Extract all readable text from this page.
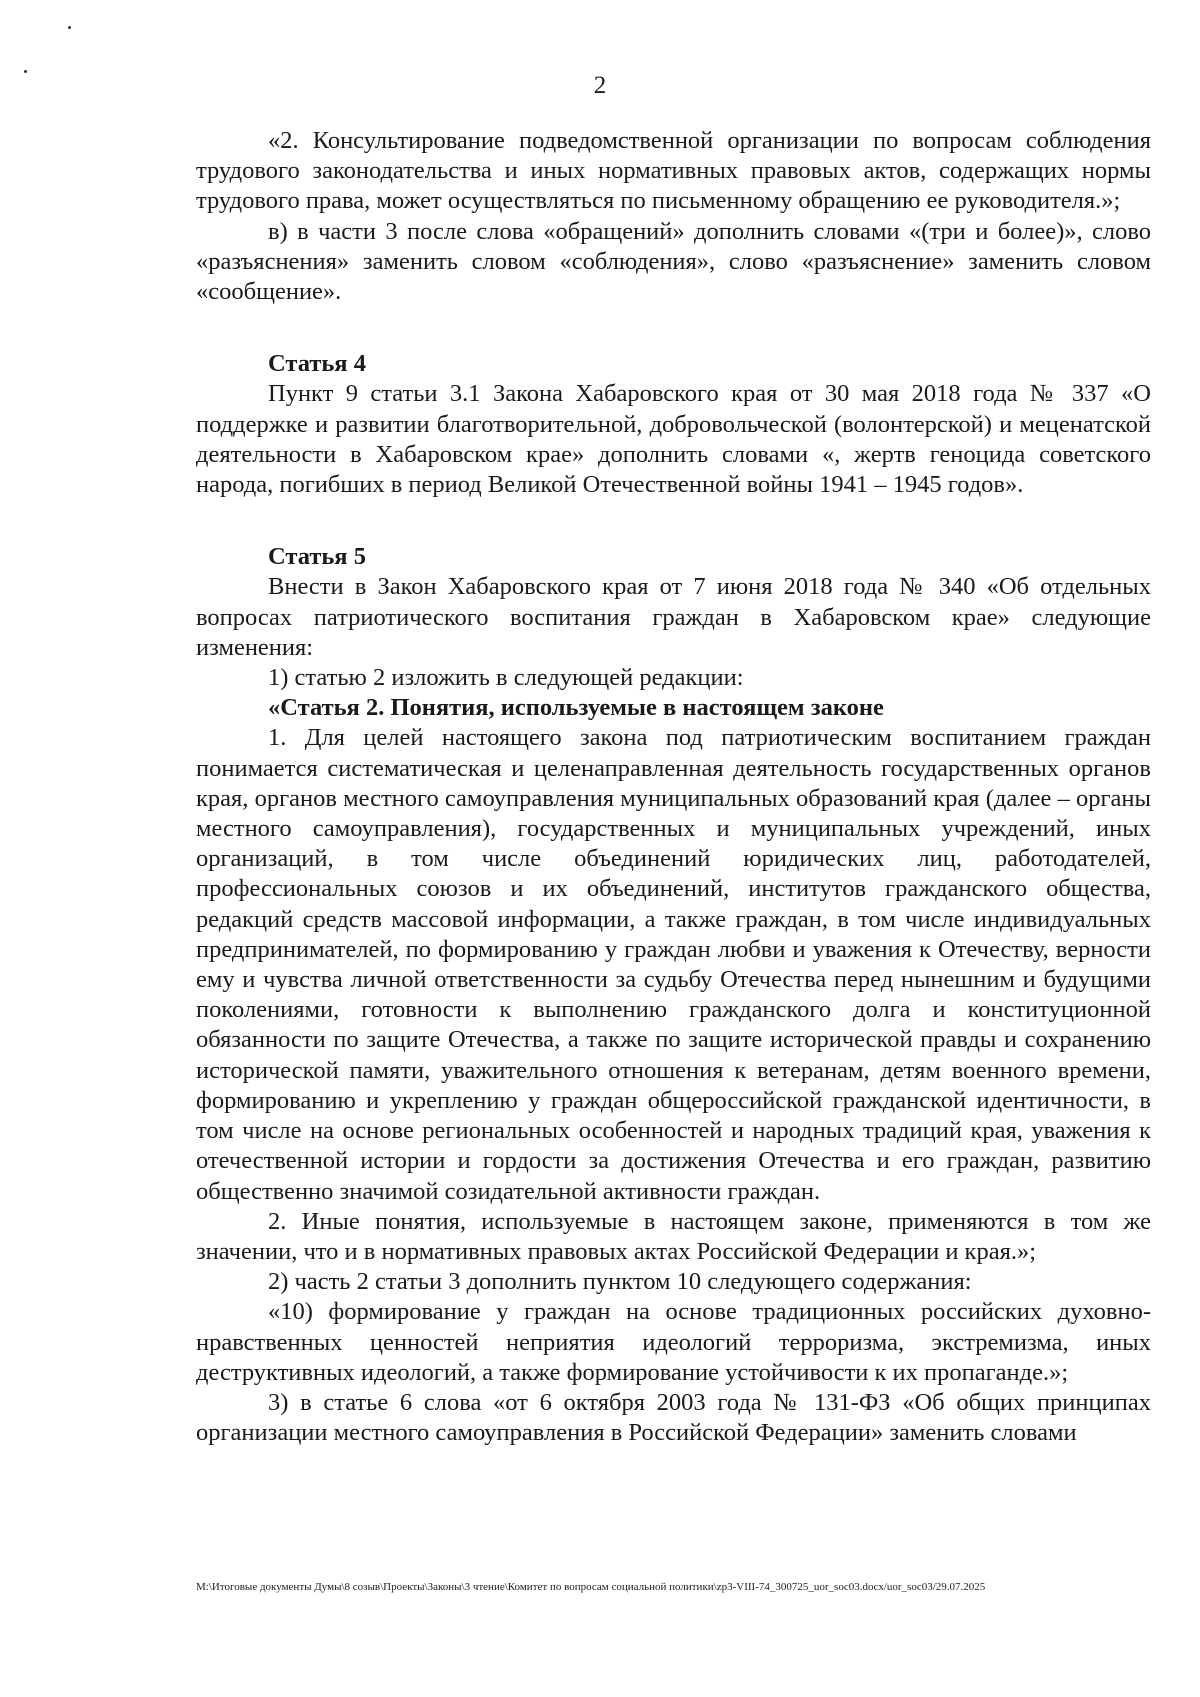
2

«2. Консультирование подведомственной организации по вопросам соблюдения трудового законодательства и иных нормативных правовых актов, содержащих нормы трудового права, может осуществляться по письменному обращению ее руководителя.»;

в) в части 3 после слова «обращений» дополнить словами «(три и более)», слово «разъяснения» заменить словом «соблюдения», слово «разъяснение» заменить словом «сообщение».

Статья 4

Пункт 9 статьи 3.1 Закона Хабаровского края от 30 мая 2018 года № 337 «О поддержке и развитии благотворительной, добровольческой (волонтерской) и меценатской деятельности в Хабаровском крае» дополнить словами «, жертв геноцида советского народа, погибших в период Великой Отечественной войны 1941 – 1945 годов».

Статья 5

Внести в Закон Хабаровского края от 7 июня 2018 года № 340 «Об отдельных вопросах патриотического воспитания граждан в Хабаровском крае» следующие изменения:

1) статью 2 изложить в следующей редакции:

«Статья 2. Понятия, используемые в настоящем законе

1. Для целей настоящего закона под патриотическим воспитанием граждан понимается систематическая и целенаправленная деятельность государственных органов края, органов местного самоуправления муниципальных образований края (далее – органы местного самоуправления), государственных и муниципальных учреждений, иных организаций, в том числе объединений юридических лиц, работодателей, профессиональных союзов и их объединений, институтов гражданского общества, редакций средств массовой информации, а также граждан, в том числе индивидуальных предпринимателей, по формированию у граждан любви и уважения к Отечеству, верности ему и чувства личной ответственности за судьбу Отечества перед нынешним и будущими поколениями, готовности к выполнению гражданского долга и конституционной обязанности по защите Отечества, а также по защите исторической правды и сохранению исторической памяти, уважительного отношения к ветеранам, детям военного времени, формированию и укреплению у граждан общероссийской гражданской идентичности, в том числе на основе региональных особенностей и народных традиций края, уважения к отечественной истории и гордости за достижения Отечества и его граждан, развитию общественно значимой созидательной активности граждан.

2. Иные понятия, используемые в настоящем законе, применяются в том же значении, что и в нормативных правовых актах Российской Федерации и края.»;

2) часть 2 статьи 3 дополнить пунктом 10 следующего содержания:

«10) формирование у граждан на основе традиционных российских духовно-нравственных ценностей неприятия идеологий терроризма, экстремизма, иных деструктивных идеологий, а также формирование устойчивости к их пропаганде.»;

3) в статье 6 слова «от 6 октября 2003 года № 131-ФЗ «Об общих принципах организации местного самоуправления в Российской Федерации» заменить словами

M:\Итоговые документы Думы\8 созыв\Проекты\Законы\3 чтение\Комитет по вопросам социальной политики\zp3-VIII-74_300725_uor_soc03.docx/uor_soc03/29.07.2025
